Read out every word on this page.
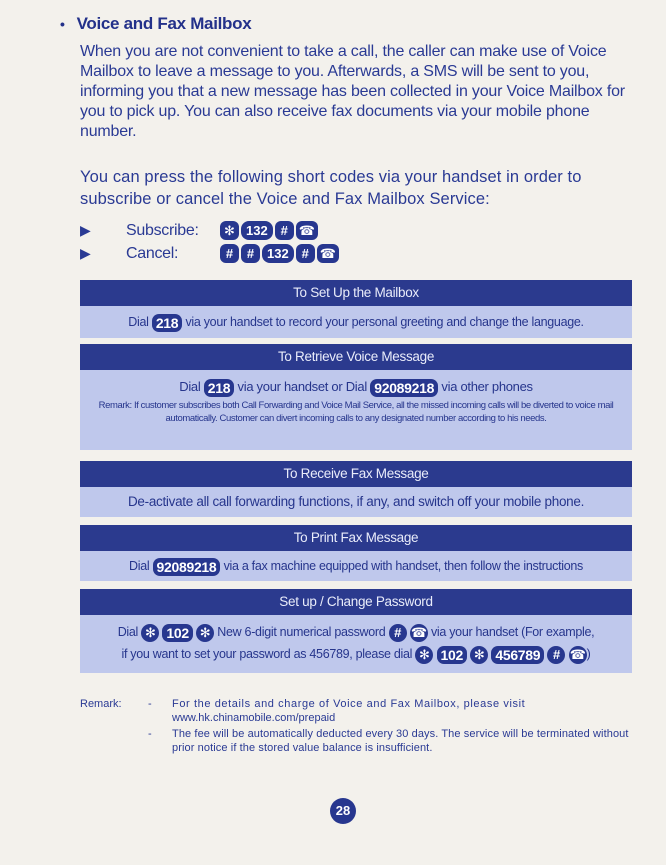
• Voice and Fax Mailbox

When you are not convenient to take a call, the caller can make use of Voice Mailbox to leave a message to you. Afterwards, a SMS will be sent to you, informing you that a new message has been collected in your Voice Mailbox for you to pick up. You can also receive fax documents via your mobile phone number.

You can press the following short codes via your handset in order to subscribe or cancel the Voice and Fax Mailbox Service:

▶	Subscribe:	✻ 132 # ☎
▶	Cancel:	#	# 132 # ☎
To Set Up the Mailbox
Dial 218 via your handset to record your personal greeting and change the language.
To Retrieve Voice Message
Dial 218 via your handset or Dial 92089218 via other phones
Remark: If customer subscribes both Call Forwarding and Voice Mail Service, all the missed incoming calls will be diverted to voice mail automatically. Customer can divert incoming calls to any designated number according to his needs.
To Receive Fax Message
De-activate all call forwarding functions, if any, and switch off your mobile phone.
To Print Fax Message
Dial 92089218 via a fax machine equipped with handset, then follow the instructions
Set up / Change Password
Dial ✻ 102 ✻ New 6-digit numerical password # ☎ via your handset (For example,
if you want to set your password as 456789, please dial ✻ 102 ✻ 456789 # ☎)
Remark: - For the details and charge of Voice and Fax Mailbox, please visit
www.hk.chinamobile.com/prepaid
- The fee will be automatically deducted every 30 days. The service will be terminated without prior notice if the stored value balance is insufficient.
28
